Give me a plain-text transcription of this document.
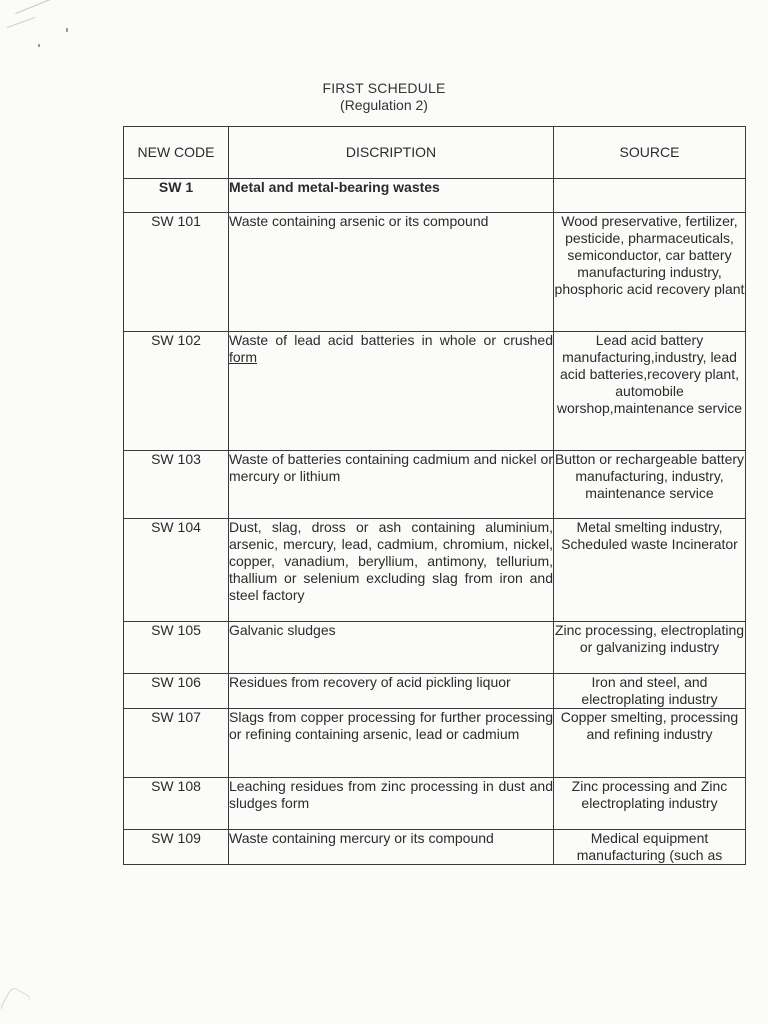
FIRST SCHEDULE
(Regulation 2)
NEW CODE	DISCRIPTION	SOURCE
SW 1	Metal and metal-bearing wastes	
SW 101	Waste containing arsenic or its compound	Wood preservative, fertilizer, pesticide, pharmaceuticals, semiconductor, car battery manufacturing industry, phosphoric acid recovery plant
SW 102	Waste of lead acid batteries in whole or crushed form	Lead acid battery manufacturing,industry, lead acid batteries,recovery plant, automobile worshop,maintenance service
SW 103	Waste of batteries containing cadmium and nickel or mercury or lithium	Button or rechargeable battery manufacturing, industry, maintenance service
SW 104	Dust, slag, dross or ash containing aluminium, arsenic, mercury, lead, cadmium, chromium, nickel, copper, vanadium, beryllium, antimony, tellurium, thallium or selenium excluding slag from iron and steel factory	Metal smelting industry, Scheduled waste Incinerator
SW 105	Galvanic sludges	Zinc processing, electroplating or galvanizing industry
SW 106	Residues from recovery of acid pickling liquor	Iron and steel, and electroplating industry
SW 107	Slags from copper processing for further processing or refining containing arsenic, lead or cadmium	Copper smelting, processing and refining industry
SW 108	Leaching residues from zinc processing in dust and sludges form	Zinc processing and Zinc electroplating industry
SW 109	Waste containing mercury or its compound	Medical equipment manufacturing (such as
